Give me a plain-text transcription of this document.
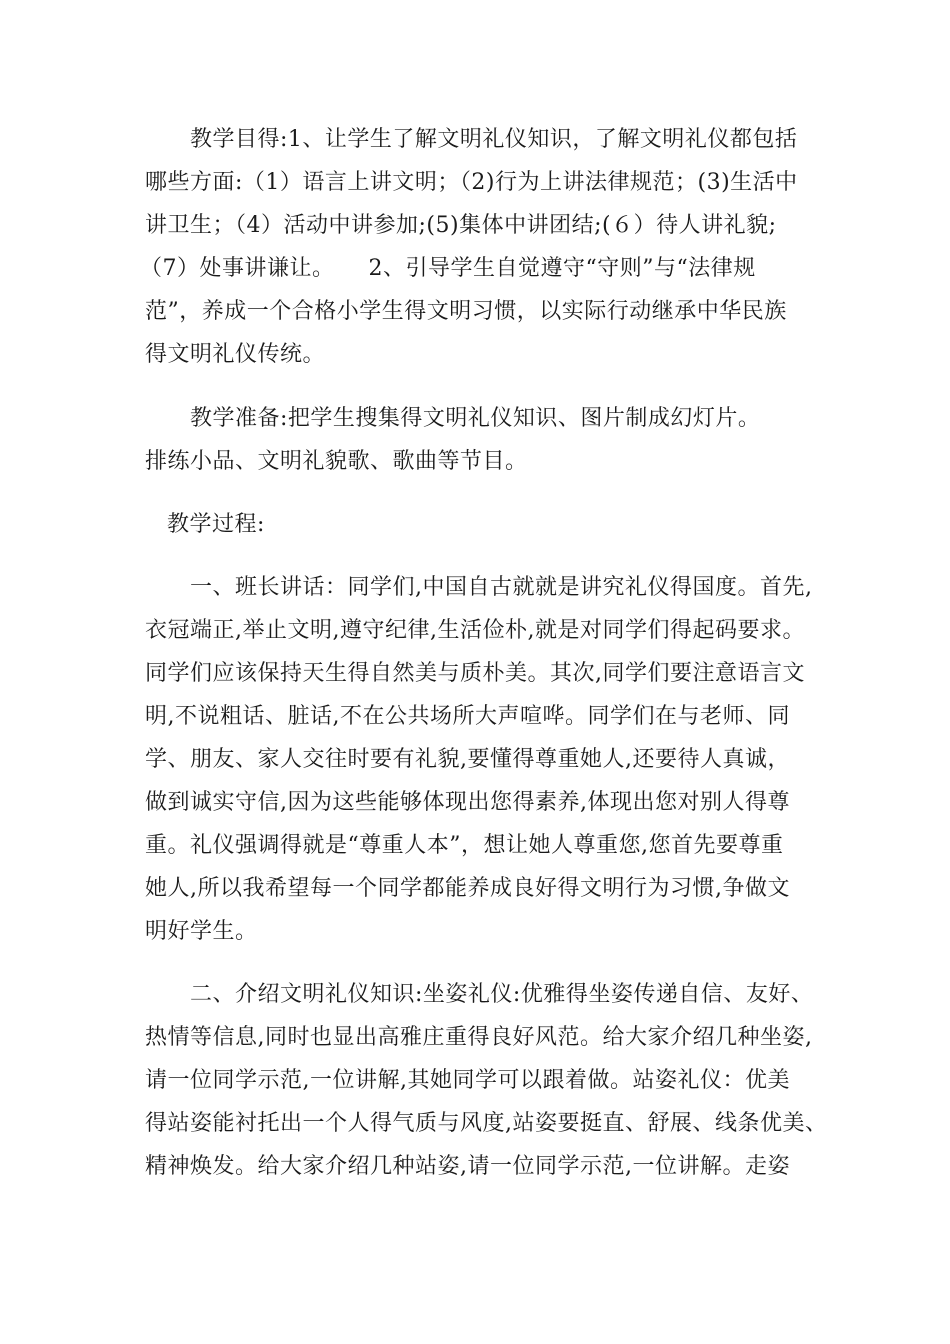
教学目得:1、让学生了解文明礼仪知识，了解文明礼仪都包括
哪些方面:（1）语言上讲文明；（2)行为上讲法律规范；(3)生活中
讲卫生；（4）活动中讲参加;(5)集体中讲团结;(６）待人讲礼貌;
（7）处事讲谦让。　　2、引导学生自觉遵守“守则”与“法律规
范”，养成一个合格小学生得文明习惯，以实际行动继承中华民族
得文明礼仪传统。
教学准备:把学生搜集得文明礼仪知识、图片制成幻灯片。
排练小品、文明礼貌歌、歌曲等节目。
教学过程:
一、班长讲话：同学们,中国自古就就是讲究礼仪得国度。首先,
衣冠端正,举止文明,遵守纪律,生活俭朴,就是对同学们得起码要求。
同学们应该保持天生得自然美与质朴美。其次,同学们要注意语言文
明,不说粗话、脏话,不在公共场所大声喧哗。同学们在与老师、同
学、朋友、家人交往时要有礼貌,要懂得尊重她人,还要待人真诚，
做到诚实守信,因为这些能够体现出您得素养,体现出您对别人得尊
重。礼仪强调得就是“尊重人本”，想让她人尊重您,您首先要尊重
她人,所以我希望每一个同学都能养成良好得文明行为习惯,争做文
明好学生。
二、介绍文明礼仪知识:坐姿礼仪:优雅得坐姿传递自信、友好、
热情等信息,同时也显出高雅庄重得良好风范。给大家介绍几种坐姿,
请一位同学示范,一位讲解,其她同学可以跟着做。站姿礼仪：优美
得站姿能衬托出一个人得气质与风度,站姿要挺直、舒展、线条优美、
精神焕发。给大家介绍几种站姿,请一位同学示范,一位讲解。走姿
